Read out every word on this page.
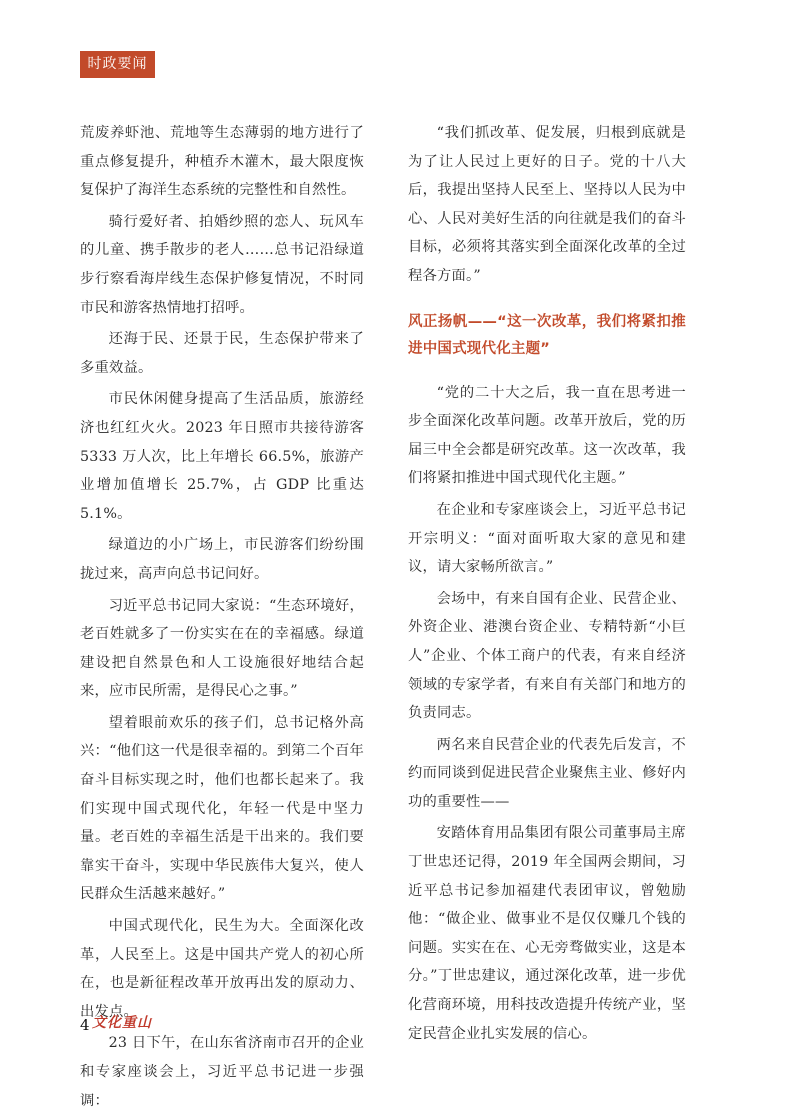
时政要闻

荒废养虾池、荒地等生态薄弱的地方进行了重点修复提升，种植乔木灌木，最大限度恢复保护了海洋生态系统的完整性和自然性。

骑行爱好者、拍婚纱照的恋人、玩风车的儿童、携手散步的老人……总书记沿绿道步行察看海岸线生态保护修复情况，不时同市民和游客热情地打招呼。

还海于民、还景于民，生态保护带来了多重效益。

市民休闲健身提高了生活品质，旅游经济也红红火火。2023 年日照市共接待游客 5333 万人次，比上年增长 66.5%，旅游产业增加值增长 25.7%，占 GDP 比重达 5.1%。

绿道边的小广场上，市民游客们纷纷围拢过来，高声向总书记问好。

习近平总书记同大家说：“生态环境好，老百姓就多了一份实实在在的幸福感。绿道建设把自然景色和人工设施很好地结合起来，应市民所需，是得民心之事。”

望着眼前欢乐的孩子们，总书记格外高兴：“他们这一代是很幸福的。到第二个百年奋斗目标实现之时，他们也都长起来了。我们实现中国式现代化，年轻一代是中坚力量。老百姓的幸福生活是干出来的。我们要靠实干奋斗，实现中华民族伟大复兴，使人民群众生活越来越好。”

中国式现代化，民生为大。全面深化改革，人民至上。这是中国共产党人的初心所在，也是新征程改革开放再出发的原动力、出发点。

23 日下午，在山东省济南市召开的企业和专家座谈会上，习近平总书记进一步强调：

“我们抓改革、促发展，归根到底就是为了让人民过上更好的日子。党的十八大后，我提出坚持人民至上、坚持以人民为中心、人民对美好生活的向往就是我们的奋斗目标，必须将其落实到全面深化改革的全过程各方面。”

风正扬帆——“这一次改革，我们将紧扣推进中国式现代化主题”

“党的二十大之后，我一直在思考进一步全面深化改革问题。改革开放后，党的历届三中全会都是研究改革。这一次改革，我们将紧扣推进中国式现代化主题。”

在企业和专家座谈会上，习近平总书记开宗明义：“面对面听取大家的意见和建议，请大家畅所欲言。”

会场中，有来自国有企业、民营企业、外资企业、港澳台资企业、专精特新“小巨人”企业、个体工商户的代表，有来自经济领域的专家学者，有来自有关部门和地方的负责同志。

两名来自民营企业的代表先后发言，不约而同谈到促进民营企业聚焦主业、修好内功的重要性——

安踏体育用品集团有限公司董事局主席丁世忠还记得，2019 年全国两会期间，习近平总书记参加福建代表团审议，曾勉励他：“做企业、做事业不是仅仅赚几个钱的问题。实实在在、心无旁骛做实业，这是本分。”丁世忠建议，通过深化改革，进一步优化营商环境，用科技改造提升传统产业，坚定民营企业扎实发展的信心。

4 文化重山
